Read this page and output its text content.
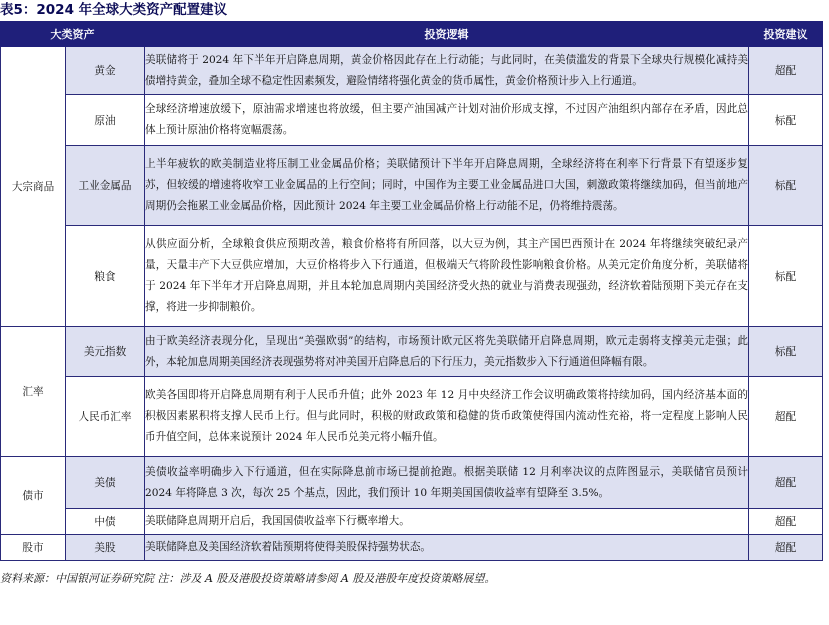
表5：2024 年全球大类资产配置建议
大类资产		投资逻辑	投资建议
大宗商品	黄金	美联储将于 2024 年下半年开启降息周期，黄金价格因此存在上行动能；与此同时，在美债滥发的背景下全球央行规模化减持美债增持黄金，叠加全球不稳定性因素频发，避险情绪将强化黄金的货币属性，黄金价格预计步入上行通道。	超配
	原油	全球经济增速放缓下，原油需求增速也将放缓，但主要产油国减产计划对油价形成支撑，不过因产油组织内部存在矛盾，因此总体上预计原油价格将宽幅震荡。	标配
	工业金属品	上半年疲软的欧美制造业将压制工业金属品价格；美联储预计下半年开启降息周期，全球经济将在利率下行背景下有望逐步复苏，但较缓的增速将收窄工业金属品的上行空间；同时，中国作为主要工业金属品进口大国，刺激政策将继续加码，但当前地产周期仍会拖累工业金属品价格，因此预计 2024 年主要工业金属品价格上行动能不足，仍将维持震荡。	标配
	粮食	从供应面分析，全球粮食供应预期改善，粮食价格将有所回落，以大豆为例，其主产国巴西预计在 2024 年将继续突破纪录产量，天量丰产下大豆供应增加，大豆价格将步入下行通道，但极端天气将阶段性影响粮食价格。从美元定价角度分析，美联储将于 2024 年下半年才开启降息周期，并且本轮加息周期内美国经济受火热的就业与消费表现强劲，经济软着陆预期下美元存在支撑，将进一步抑制粮价。	标配
汇率	美元指数	由于欧美经济表现分化，呈现出“美强欧弱”的结构，市场预计欧元区将先美联储开启降息周期，欧元走弱将支撑美元走强；此外，本轮加息周期美国经济表现强势将对冲美国开启降息后的下行压力，美元指数步入下行通道但降幅有限。	标配
	人民币汇率	欧美各国即将开启降息周期有利于人民币升值；此外 2023 年 12 月中央经济工作会议明确政策将持续加码，国内经济基本面的积极因素累积将支撑人民币上行。但与此同时，积极的财政政策和稳健的货币政策使得国内流动性充裕，将一定程度上影响人民币升值空间，总体来说预计 2024 年人民币兑美元将小幅升值。	超配
债市	美债	美债收益率明确步入下行通道，但在实际降息前市场已提前抢跑。根据美联储 12 月利率决议的点阵图显示，美联储官员预计 2024 年将降息 3 次，每次 25 个基点，因此，我们预计 10 年期美国国债收益率有望降至 3.5%。	超配
	中债	美联储降息周期开启后，我国国债收益率下行概率增大。	超配
股市	美股	美联储降息及美国经济软着陆预期将使得美股保持强势状态。	超配
资料来源：中国银河证券研究院 注：涉及 A 股及港股投资策略请参阅 A 股及港股年度投资策略展望。
